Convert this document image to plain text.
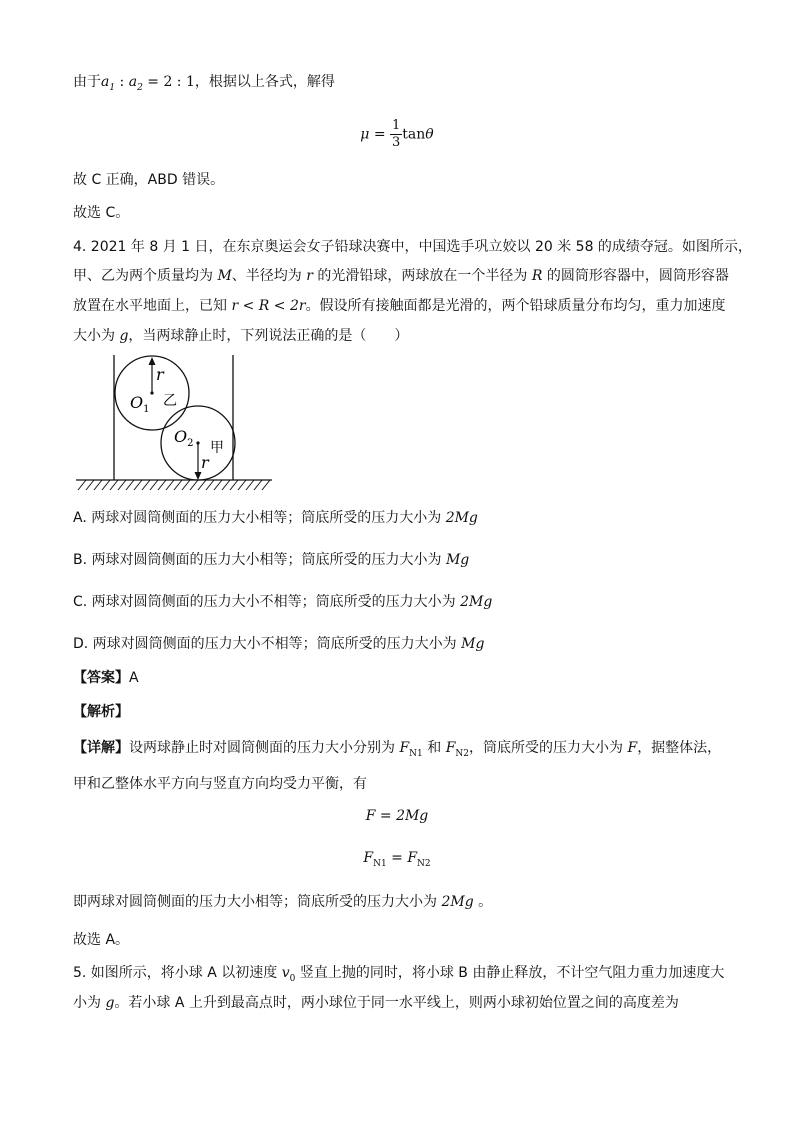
由于$a_1$ : $a_2 = 2$ : 1，根据以上各式，解得
$\mu = \frac{1}{3}$ tanθ
故 C 正确，ABD 错误。
故选 C。
4. 2021 年 8 月 1 日，在东京奥运会女子铅球决赛中，中国选手巩立姣以 20 米 58 的成绩夺冠。如图所示，
甲、乙为两个质量均为 M、半径均为 r 的光滑铅球，两球放在一个半径为 R 的圆筒形容器中，圆筒形容器
放置在水平地面上，已知 r < R < 2r。假设所有接触面都是光滑的，两个铅球质量分布均匀，重力加速度
大小为 g，当两球静止时，下列说法正确的是（　　）
r
$O_1$
乙
$O_2$ 甲
r
A. 两球对圆筒侧面的压力大小相等；筒底所受的压力大小为 2Mg
B. 两球对圆筒侧面的压力大小相等；筒底所受的压力大小为 Mg
C. 两球对圆筒侧面的压力大小不相等；筒底所受的压力大小为 2Mg
D. 两球对圆筒侧面的压力大小不相等；筒底所受的压力大小为 Mg
【答案】A
【解析】
【详解】设两球静止时对圆筒侧面的压力大小分别为 $F_{N1}$ 和 $F_{N2}$，筒底所受的压力大小为 F，据整体法，
甲和乙整体水平方向与竖直方向均受力平衡，有
F = 2Mg
$F_{N1} = F_{N2}$
即两球对圆筒侧面的压力大小相等；筒底所受的压力大小为 2Mg 。
故选 A。
5. 如图所示，将小球 A 以初速度 $v_0$ 竖直上抛的同时，将小球 B 由静止释放，不计空气阻力重力加速度大
小为 g。若小球 A 上升到最高点时，两小球位于同一水平线上，则两小球初始位置之间的高度差为
